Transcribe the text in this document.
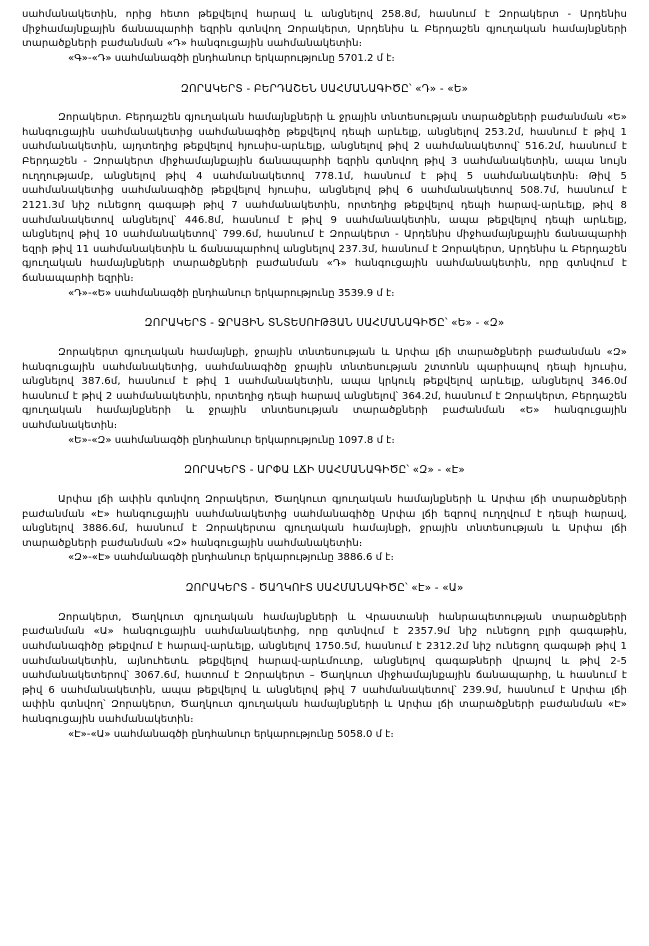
սահմանակետին, որից հետո թեքվելով հարավ և անցնելով 258.8մ, հասնում է Զորակերտ - Արդենիս միջհամայնքային ճանապարհի եզրին գտնվող Զորակերտ, Արդենիս և Բերդաշեն գյուղական համայնքների տարածքների բաժանման «Դ» հանգուցային սահմանակետին։

«Գ»-«Դ» սահմանագծի ընդհանուր երկարությունը 5701.2 մ է։

ԶՈՐԱԿԵՐՏ - ԲԵՐԴԱՇԵՆ ՍԱՀՄԱՆԱԳԻԾԸ՝ «Դ» - «Ե»

Զորակերտ. Բերդաշեն գյուղական համայնքների և ջրային տնտեսության տարածքների բաժանման «Ե» հանգուցային սահմանակետից սահմանագիծը թեքվելով դեպի արևելք, անցնելով 253.2մ, հասնում է թիվ 1 սահմանակետին, այդտեղից թեքվելով հյուսիս-արևելք, անցնելով թիվ 2 սահմանակետով՝ 516.2մ, հասնում է Բերդաշեն - Զորակերտ միջհամայնքային ճանապարհի եզրին գտնվող թիվ 3 սահմանակետին, ապա նույն ուղղությամբ, անցնելով թիվ 4 սահմանակետով 778.1մ, հասնում է թիվ 5 սահմանակետին։ Թիվ 5 սահմանակետից սահմանագիծը թեքվելով հյուսիս, անցնելով թիվ 6 սահմանակետով 508.7մ, հասնում է 2121.3մ նիշ ունեցող գագաթի թիվ 7 սահմանակետին, որտեղից թեքվելով դեպի հարավ-արևելք, թիվ 8 սահմանակետով անցնելով՝ 446.8մ, հասնում է թիվ 9 սահմանակետին, ապա թեքվելով դեպի արևելք, անցնելով թիվ 10 սահմանակետով՝ 799.6մ, հասնում է Զորակերտ - Արդենիս միջհամայնքային ճանապարհի եզրի թիվ 11 սահմանակետին և ճանապարհով անցնելով 237.3մ, հասնում է Զորակերտ, Արդենիս և Բերդաշեն գյուղական համայնքների տարածքների բաժանման «Դ» հանգուցային սահմանակետին, որը գտնվում է ճանապարհի եզրին։

«Դ»-«Ե» սահմանագծի ընդհանուր երկարությունը 3539.9 մ է։

ԶՈՐԱԿԵՐՏ - ՋՐԱՅԻՆ ՏՆՏԵՍՈՒԹՅԱՆ ՍԱՀՄԱՆԱԳԻԾԸ՝ «Ե» - «Զ»

Զորակերտ գյուղական համայնքի, ջրային տնտեսության և Արփա լճի տարածքների բաժանման «Զ» հանգուցային սահմանակետից, սահմանագիծը ջրային տնտեսության շտտոնն պարիսպով դեպի հյուսիս, անցնելով 387.6մ, հասնում է թիվ 1 սահմանակետին, ապա կրկուկ թեքվելով արևելք, անցնելով 346.0մ հասնում է թիվ 2 սահմանակետին, որտեղից դեպի հարավ անցնելով՝ 364.2մ, հասնում է Զորակերտ, Բերդաշեն գյուղական համայնքների և ջրային տնտեսության տարածքների բաժանման «Ե» հանգուցային սահմանակետին։

«Ե»-«Զ» սահմանագծի ընդհանուր երկարությունը 1097.8 մ է։

ԶՈՐԱԿԵՐՏ - ԱՐՓԱ ԼՃԻ ՍԱՀՄԱՆԱԳԻԾԸ՝ «Զ» - «Է»

Արփա լճի ափին գտնվող Զորակերտ, Ծաղկուտ գյուղական համայնքների և Արփա լճի տարածքների բաժանման «Է» հանգուցային սահմանակետից սահմանագիծը Արփա լճի եզրով ուղղվում է դեպի հարավ, անցնելով 3886.6մ, հասնում է Զորակերտա գյուղական համայնքի, ջրային տնտեսության և Արփա լճի տարածքների բաժանման «Զ» հանգուցային սահմանակետին։

«Զ»-«Է» սահմանագծի ընդհանուր երկարությունը 3886.6 մ է։

ԶՈՐԱԿԵՐՏ - ԾԱՂԿՈՒՏ ՍԱՀՄԱՆԱԳԻԾԸ՝ «Է» - «Ա»

Զորակերտ, Ծաղկուտ գյուղական համայնքների և Վրաստանի հանրապետության տարածքների բաժանման «Ա» հանգուցային սահմանակետից, որը գտնվում է 2357.9մ նիշ ունեցող բլրի գագաթին, սահմանագիծը թեքվում է հարավ-արևելք, անցնելով 1750.5մ, հասնում է 2312.2մ նիշ ունեցող գագաթի թիվ 1 սահմանակետին, այնուհետև թեքվելով հարավ-արևմուտք, անցնելով գագաթների վրայով և թիվ 2-5 սահմանակետերով՝ 3067.6մ, հատում է Զորակերտ – Ծաղկուտ միջհամայնքային ճանապարհը, և հասնում է թիվ 6 սահմանակետին, ապա թեքվելով և անցնելով թիվ 7 սահմանակետով՝ 239.9մ, հասնում է Արփա լճի ափին գտնվող՝ Զորակերտ, Ծաղկուտ գյուղական համայնքների և Արփա լճի տարածքների բաժանման «Է» հանգուցային սահմանակետին։

«Է»-«Ա» սահմանագծի ընդհանուր երկարությունը 5058.0 մ է։
